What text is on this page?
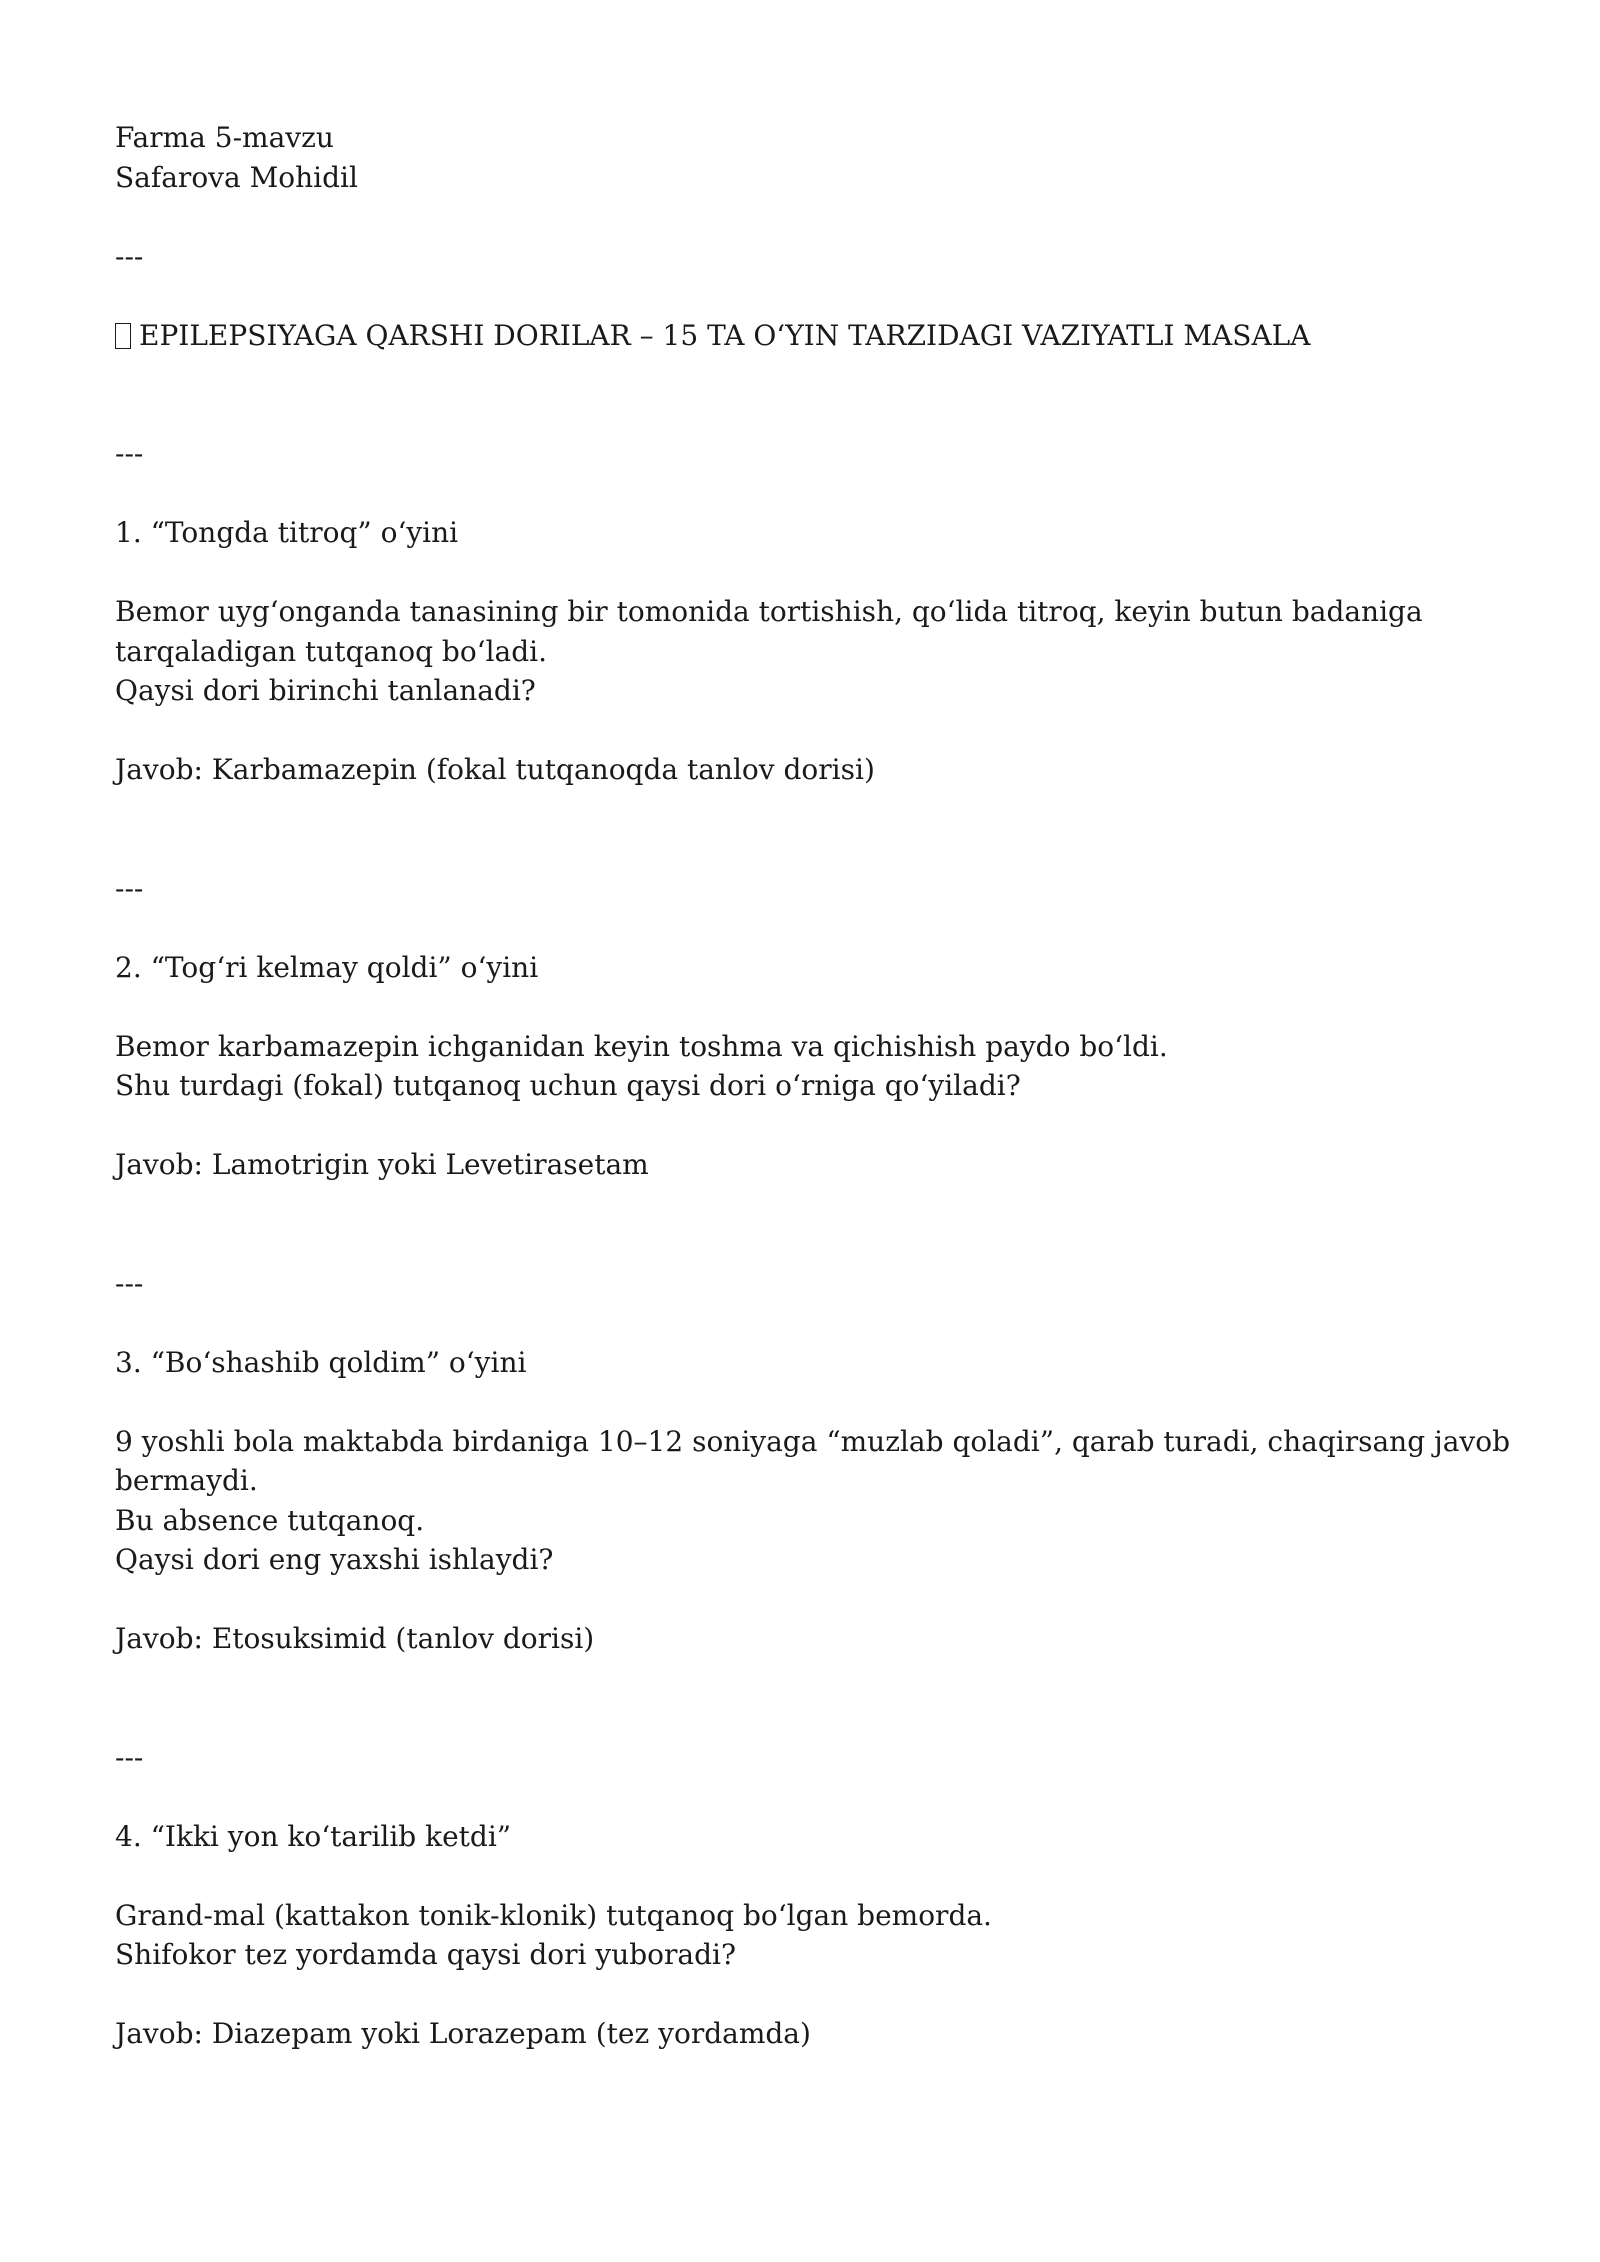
Farma 5-mavzu
Safarova Mohidil
---
EPILEPSIYAGA QARSHI DORILAR – 15 TA O‘YIN TARZIDAGI VAZIYATLI MASALA
---
1. “Tongda titroq” o‘yini
Bemor uyg‘onganda tanasining bir tomonida tortishish, qo‘lida titroq, keyin butun badaniga
tarqaladigan tutqanoq bo‘ladi.
Qaysi dori birinchi tanlanadi?
Javob: Karbamazepin (fokal tutqanoqda tanlov dorisi)
---
2. “Tog‘ri kelmay qoldi” o‘yini
Bemor karbamazepin ichganidan keyin toshma va qichishish paydo bo‘ldi.
Shu turdagi (fokal) tutqanoq uchun qaysi dori o‘rniga qo‘yiladi?
Javob: Lamotrigin yoki Levetirasetam
---
3. “Bo‘shashib qoldim” o‘yini
9 yoshli bola maktabda birdaniga 10–12 soniyaga “muzlab qoladi”, qarab turadi, chaqirsang javob
bermaydi.
Bu absence tutqanoq.
Qaysi dori eng yaxshi ishlaydi?
Javob: Etosuksimid (tanlov dorisi)
---
4. “Ikki yon ko‘tarilib ketdi”
Grand-mal (kattakon tonik-klonik) tutqanoq bo‘lgan bemorda.
Shifokor tez yordamda qaysi dori yuboradi?
Javob: Diazepam yoki Lorazepam (tez yordamda)
